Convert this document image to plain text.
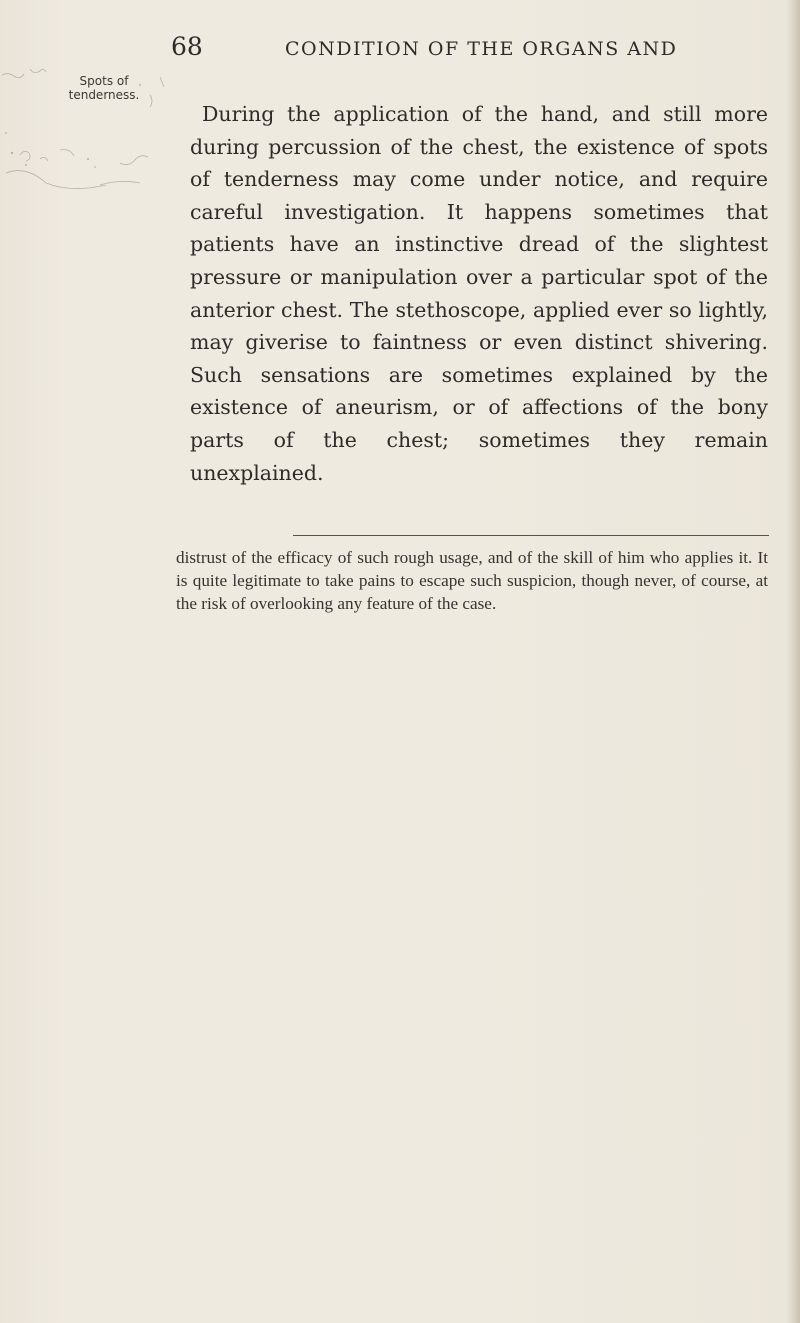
68	CONDITION OF THE ORGANS AND
Spots of tenderness.
During the application of the hand, and still more during percussion of the chest, the existence of spots of tenderness may come under notice, and require careful investigation. It happens sometimes that patients have an instinctive dread of the slightest pressure or manipulation over a particular spot of the anterior chest. The stethoscope, applied ever so lightly, may giverise to faintness or even distinct shivering. Such sensations are sometimes explained by the existence of aneurism, or of affections of the bony parts of the chest; sometimes they remain unexplained.
distrust of the efficacy of such rough usage, and of the skill of him who applies it. It is quite legitimate to take pains to escape such suspicion, though never, of course, at the risk of overlooking any feature of the case.
